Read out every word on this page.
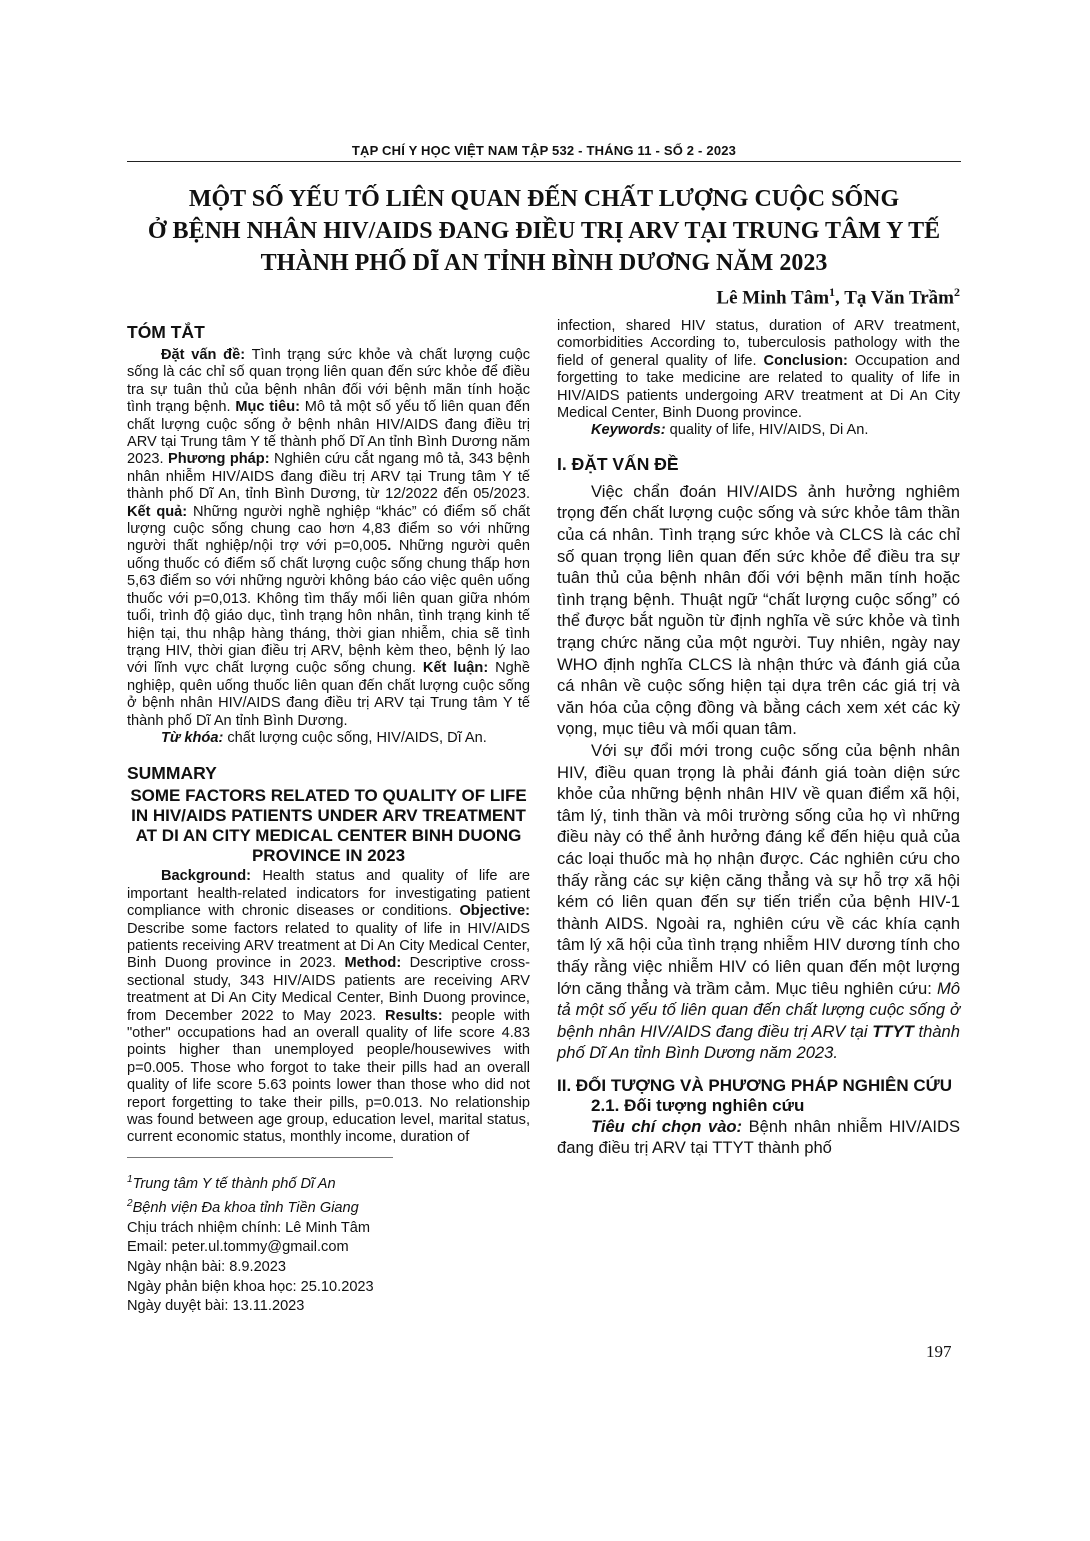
TẠP CHÍ Y HỌC VIỆT NAM TẬP 532 - THÁNG 11 - SỐ 2 - 2023
MỘT SỐ YẾU TỐ LIÊN QUAN ĐẾN CHẤT LƯỢNG CUỘC SỐNG
Ở BỆNH NHÂN HIV/AIDS ĐANG ĐIỀU TRỊ ARV TẠI TRUNG TÂM Y TẾ
THÀNH PHỐ DĨ AN TỈNH BÌNH DƯƠNG NĂM 2023
Lê Minh Tâm$^1$, Tạ Văn Trầm$^2$
TÓM TẮT

Đặt vấn đề: Tình trạng sức khỏe và chất lượng cuộc sống là các chỉ số quan trọng liên quan đến sức khỏe để điều tra sự tuân thủ của bệnh nhân đối với bệnh mãn tính hoặc tình trạng bệnh. Mục tiêu: Mô tả một số yếu tố liên quan đến chất lượng cuộc sống ở bệnh nhân HIV/AIDS đang điều trị ARV tại Trung tâm Y tế thành phố Dĩ An tỉnh Bình Dương năm 2023. Phương pháp: Nghiên cứu cắt ngang mô tả, 343 bệnh nhân nhiễm HIV/AIDS đang điều trị ARV tại Trung tâm Y tế thành phố Dĩ An, tỉnh Bình Dương, từ 12/2022 đến 05/2023. Kết quả: Những người nghề nghiệp “khác” có điểm số chất lượng cuộc sống chung cao hơn 4,83 điểm so với những người thất nghiệp/nội trợ với p=0,005. Những người quên uống thuốc có điểm số chất lượng cuộc sống chung thấp hơn 5,63 điểm so với những người không báo cáo việc quên uống thuốc với p=0,013. Không tìm thấy mối liên quan giữa nhóm tuổi, trình độ giáo dục, tình trạng hôn nhân, tình trạng kinh tế hiện tại, thu nhập hàng tháng, thời gian nhiễm, chia sẽ tình trạng HIV, thời gian điều trị ARV, bệnh kèm theo, bệnh lý lao với lĩnh vực chất lượng cuộc sống chung. Kết luận: Nghề nghiệp, quên uống thuốc liên quan đến chất lượng cuộc sống ở bệnh nhân HIV/AIDS đang điều trị ARV tại Trung tâm Y tế thành phố Dĩ An tỉnh Bình Dương.

Từ khóa: chất lượng cuộc sống, HIV/AIDS, Dĩ An.

SUMMARY
SOME FACTORS RELATED TO QUALITY OF LIFE IN HIV/AIDS PATIENTS UNDER ARV TREATMENT AT DI AN CITY MEDICAL CENTER BINH DUONG PROVINCE IN 2023

Background: Health status and quality of life are important health-related indicators for investigating patient compliance with chronic diseases or conditions. Objective: Describe some factors related to quality of life in HIV/AIDS patients receiving ARV treatment at Di An City Medical Center, Binh Duong province in 2023. Method: Descriptive cross-sectional study, 343 HIV/AIDS patients are receiving ARV treatment at Di An City Medical Center, Binh Duong province, from December 2022 to May 2023. Results: people with "other" occupations had an overall quality of life score 4.83 points higher than unemployed people/housewives with p=0.005. Those who forgot to take their pills had an overall quality of life score 5.63 points lower than those who did not report forgetting to take their pills, p=0.013. No relationship was found between age group, education level, marital status, current economic status, monthly income, duration of

$^1$Trung tâm Y tế thành phố Dĩ An
$^2$Bệnh viện Đa khoa tỉnh Tiền Giang
Chịu trách nhiệm chính: Lê Minh Tâm
Email: peter.ul.tommy@gmail.com
Ngày nhận bài: 8.9.2023
Ngày phản biện khoa học: 25.10.2023
Ngày duyệt bài: 13.11.2023

infection, shared HIV status, duration of ARV treatment, comorbidities According to, tuberculosis pathology with the field of general quality of life. Conclusion: Occupation and forgetting to take medicine are related to quality of life in HIV/AIDS patients undergoing ARV treatment at Di An City Medical Center, Binh Duong province.

Keywords: quality of life, HIV/AIDS, Di An.

I. ĐẶT VẤN ĐỀ

Việc chẩn đoán HIV/AIDS ảnh hưởng nghiêm trọng đến chất lượng cuộc sống và sức khỏe tâm thần của cá nhân. Tình trạng sức khỏe và CLCS là các chỉ số quan trọng liên quan đến sức khỏe để điều tra sự tuân thủ của bệnh nhân đối với bệnh mãn tính hoặc tình trạng bệnh. Thuật ngữ “chất lượng cuộc sống” có thể được bắt nguồn từ định nghĩa về sức khỏe và tình trạng chức năng của một người. Tuy nhiên, ngày nay WHO định nghĩa CLCS là nhận thức và đánh giá của cá nhân về cuộc sống hiện tại dựa trên các giá trị và văn hóa của cộng đồng và bằng cách xem xét các kỳ vọng, mục tiêu và mối quan tâm.

Với sự đổi mới trong cuộc sống của bệnh nhân HIV, điều quan trọng là phải đánh giá toàn diện sức khỏe của những bệnh nhân HIV về quan điểm xã hội, tâm lý, tinh thần và môi trường sống của họ vì những điều này có thể ảnh hưởng đáng kể đến hiệu quả của các loại thuốc mà họ nhận được. Các nghiên cứu cho thấy rằng các sự kiện căng thẳng và sự hỗ trợ xã hội kém có liên quan đến sự tiến triển của bệnh HIV-1 thành AIDS. Ngoài ra, nghiên cứu về các khía cạnh tâm lý xã hội của tình trạng nhiễm HIV dương tính cho thấy rằng việc nhiễm HIV có liên quan đến một lượng lớn căng thẳng và trầm cảm. Mục tiêu nghiên cứu: Mô tả một số yếu tố liên quan đến chất lượng cuộc sống ở bệnh nhân HIV/AIDS đang điều trị ARV tại TTYT thành phố Dĩ An tỉnh Bình Dương năm 2023.

II. ĐỐI TƯỢNG VÀ PHƯƠNG PHÁP NGHIÊN CỨU
2.1. Đối tượng nghiên cứu

Tiêu chí chọn vào: Bệnh nhân nhiễm HIV/AIDS đang điều trị ARV tại TTYT thành phố

197
